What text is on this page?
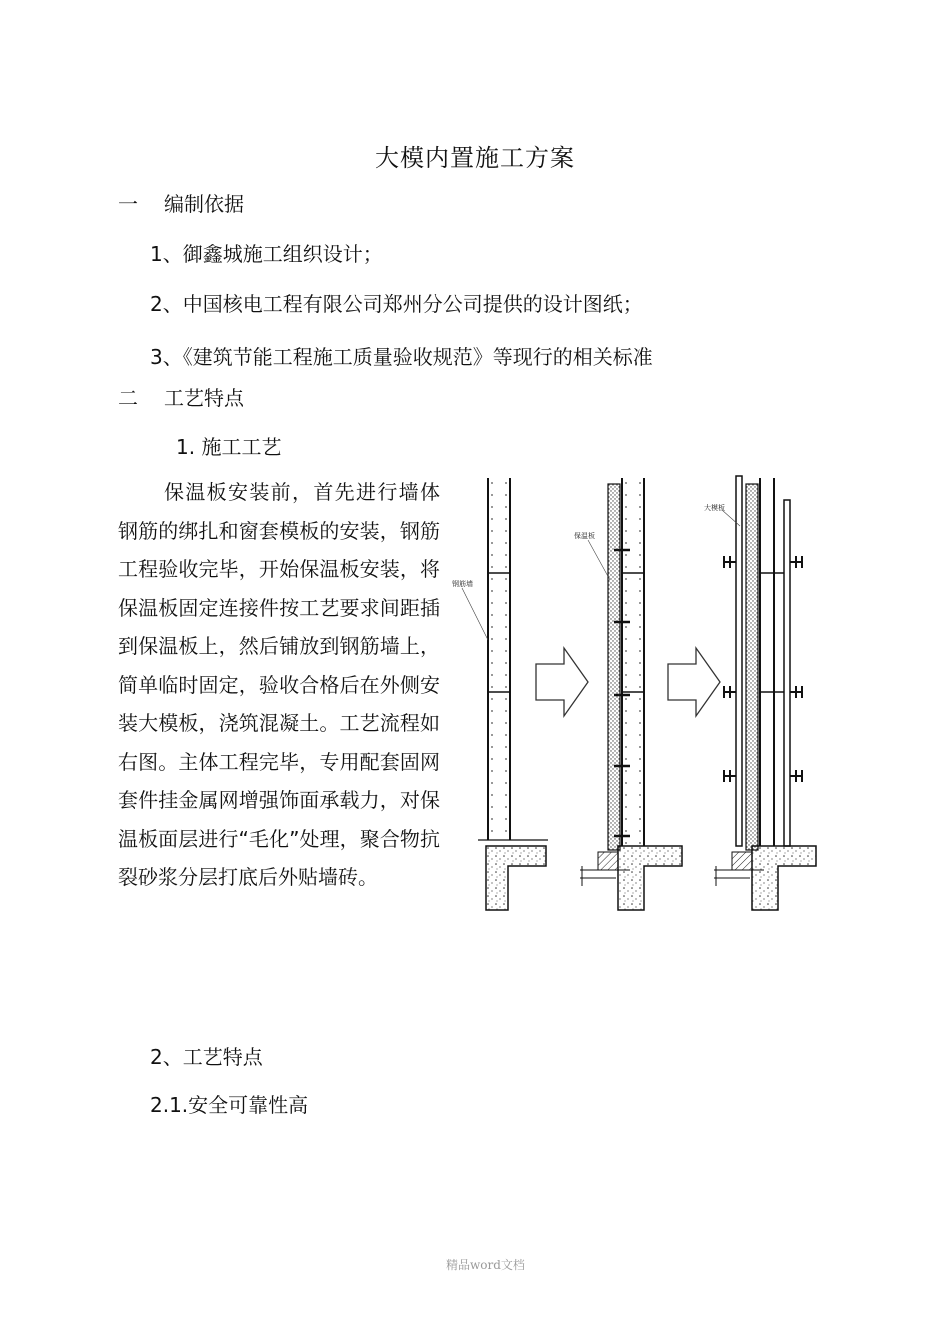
大模内置施工方案
一 编制依据
1、御鑫城施工组织设计；
2、中国核电工程有限公司郑州分公司提供的设计图纸；
3、《建筑节能工程施工质量验收规范》等现行的相关标准
二 工艺特点
1. 施工工艺

保温板安装前，首先进行墙体钢筋的绑扎和窗套模板的安装，钢筋工程验收完毕，开始保温板安装，将保温板固定连接件按工艺要求间距插到保温板上，然后铺放到钢筋墙上，简单临时固定，验收合格后在外侧安装大模板，浇筑混凝土。工艺流程如右图。主体工程完毕，专用配套固网套件挂金属网增强饰面承载力，对保温板面层进行“毛化”处理，聚合物抗裂砂浆分层打底后外贴墙砖。

钢筋墙
保温板
大模板
2、工艺特点
2.1.安全可靠性高
精品word文档
